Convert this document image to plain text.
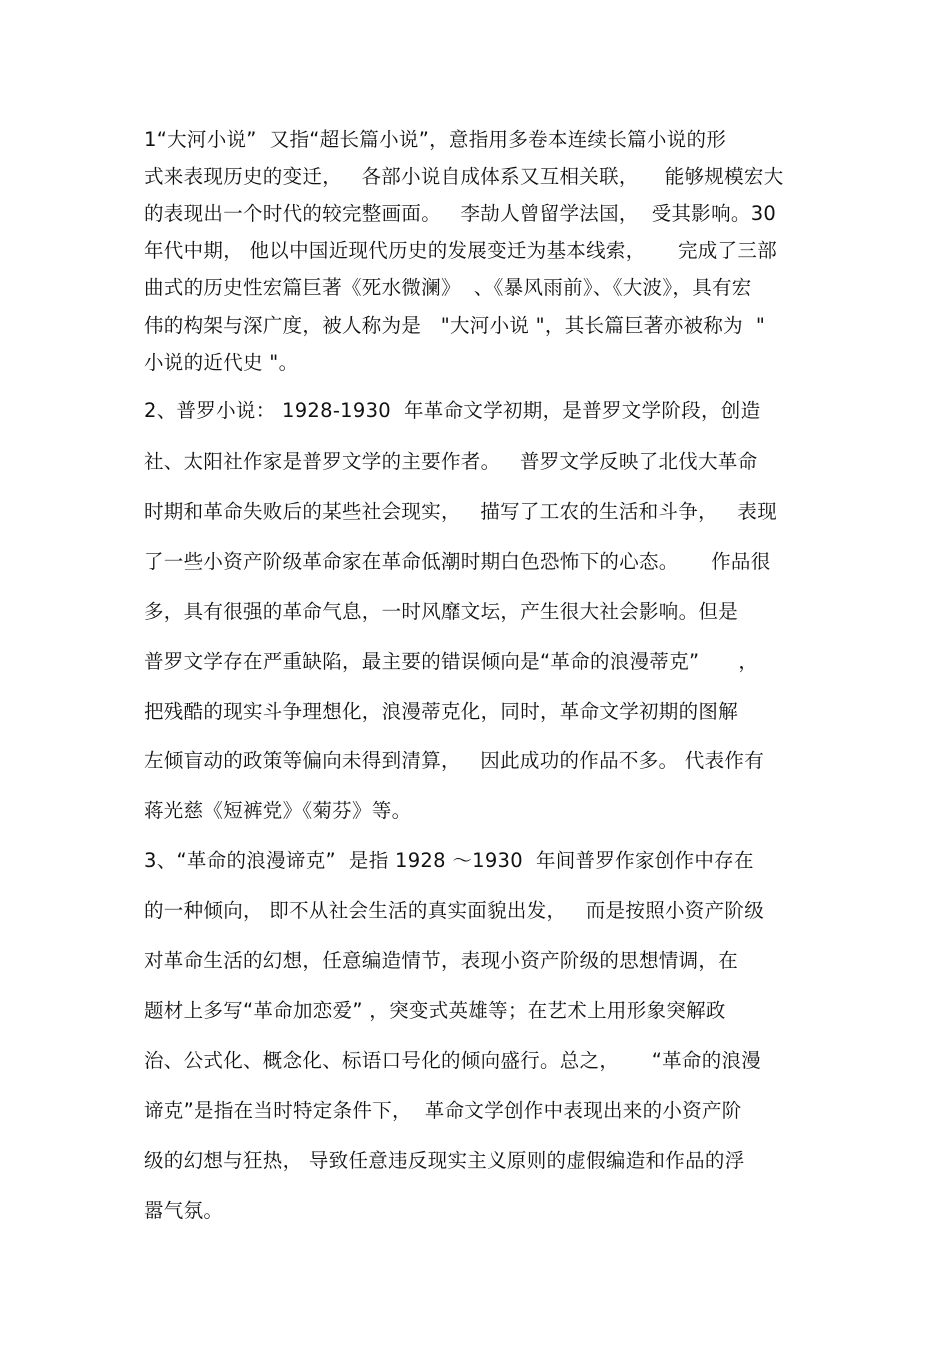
1“大河小说”  又指“超长篇小说”，意指用多卷本连续长篇小说的形
式来表现历史的变迁，   各部小说自成体系又互相关联，    能够规模宏大
的表现出一个时代的较完整画面。   李劼人曾留学法国，  受其影响。30
年代中期， 他以中国近现代历史的发展变迁为基本线索，     完成了三部
曲式的历史性宏篇巨著《死水微澜》  、《暴风雨前》、《大波》，具有宏
伟的构架与深广度，被人称为是   "大河小说 "，其长篇巨著亦被称为  "
小说的近代史 "。
2、普罗小说： 1928-1930  年革命文学初期，是普罗文学阶段，创造
社、太阳社作家是普罗文学的主要作者。   普罗文学反映了北伐大革命
时期和革命失败后的某些社会现实，   描写了工农的生活和斗争，   表现
了一些小资产阶级革命家在革命低潮时期白色恐怖下的心态。     作品很
多，具有很强的革命气息，一时风靡文坛，产生很大社会影响。但是
普罗文学存在严重缺陷，最主要的错误倾向是“革命的浪漫蒂克”      ，
把残酷的现实斗争理想化，浪漫蒂克化，同时，革命文学初期的图解
左倾盲动的政策等偏向未得到清算，   因此成功的作品不多。 代表作有
蒋光慈《短裤党》《菊芬》等。
3、“革命的浪漫谛克”  是指 1928 ～1930  年间普罗作家创作中存在
的一种倾向， 即不从社会生活的真实面貌出发，   而是按照小资产阶级
对革命生活的幻想，任意编造情节，表现小资产阶级的思想情调，在
题材上多写“革命加恋爱” ，突变式英雄等；在艺术上用形象突解政
治、公式化、概念化、标语口号化的倾向盛行。总之，     “革命的浪漫
谛克”是指在当时特定条件下，  革命文学创作中表现出来的小资产阶
级的幻想与狂热， 导致任意违反现实主义原则的虚假编造和作品的浮
嚣气氛。
